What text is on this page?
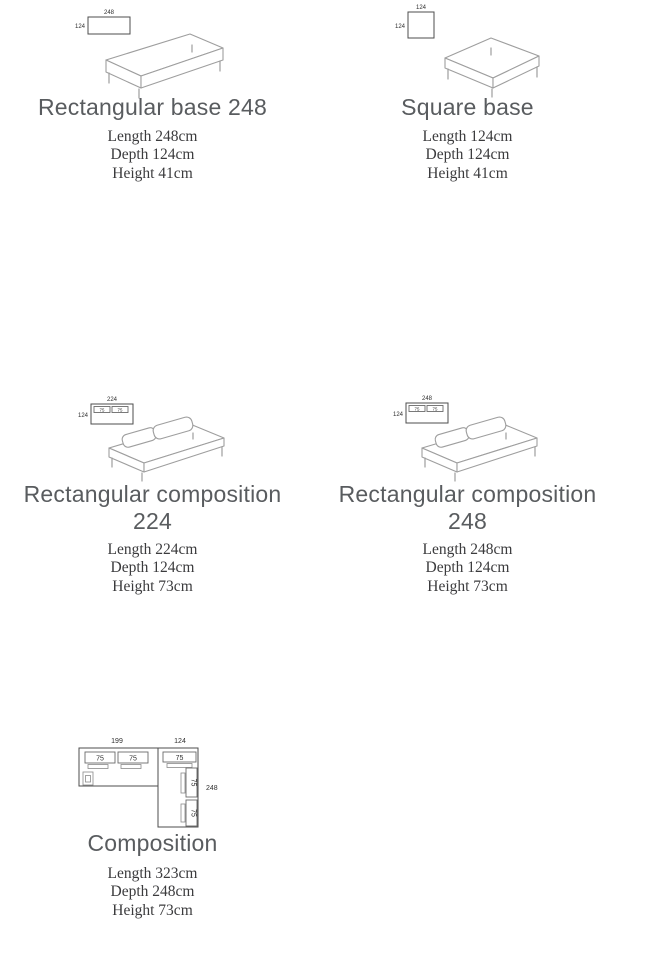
248
124
Rectangular base 248
Length 248cm
Depth 124cm
Height 41cm
124
124
Square base
Length 124cm
Depth 124cm
Height 41cm
224
124
75	75
Rectangular composition
224
Length 224cm
Depth 124cm
Height 73cm
248
124
75	75
Rectangular composition
248
Length 248cm
Depth 124cm
Height 73cm
199	124
248
75	75	75
75
75
Composition
Length 323cm
Depth 248cm
Height 73cm
